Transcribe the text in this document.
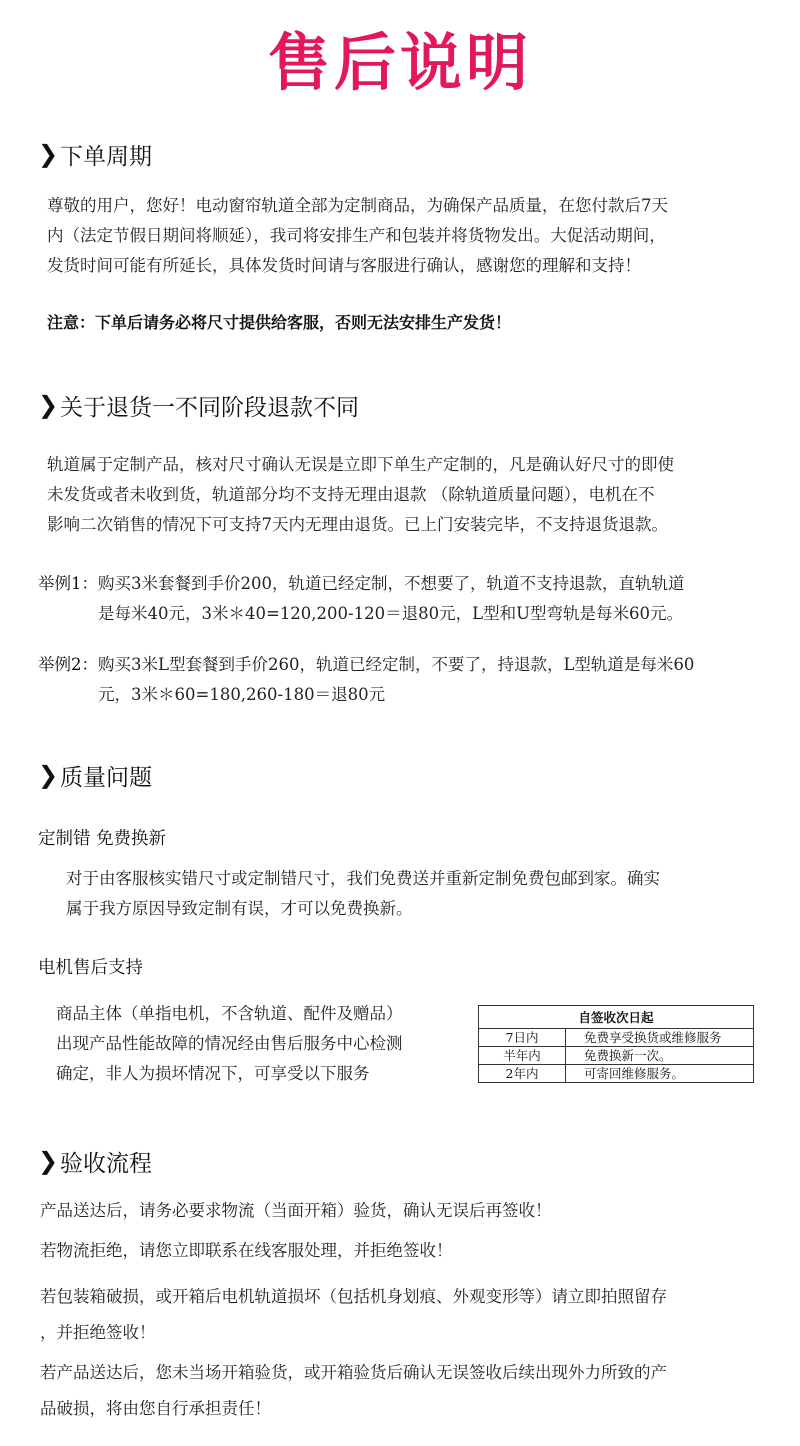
售后说明
❯ 下单周期
尊敬的用户，您好！电动窗帘轨道全部为定制商品，为确保产品质量，在您付款后7天
内（法定节假日期间将顺延），我司将安排生产和包装并将货物发出。大促活动期间，
发货时间可能有所延长，具体发货时间请与客服进行确认，感谢您的理解和支持！
注意：下单后请务必将尺寸提供给客服，否则无法安排生产发货！
❯ 关于退货一不同阶段退款不同
轨道属于定制产品，核对尺寸确认无误是立即下单生产定制的，凡是确认好尺寸的即使
未发货或者未收到货，轨道部分均不支持无理由退款 （除轨道质量问题），电机在不
影响二次销售的情况下可支持7天内无理由退货。已上门安装完毕，不支持退货退款。
举例1： 购买3米套餐到手价200，轨道已经定制，不想要了，轨道不支持退款，直轨轨道
是每米40元，3米＊40=120,200-120＝退80元，L型和U型弯轨是每米60元。
举例2： 购买3米L型套餐到手价260，轨道已经定制，不要了，持退款，L型轨道是每米60
元，3米＊60=180,260-180＝退80元
❯ 质量问题
定制错 免费换新
对于由客服核实错尺寸或定制错尺寸，我们免费送并重新定制免费包邮到家。确实
属于我方原因导致定制有误，才可以免费换新。
电机售后支持
商品主体（单指电机，不含轨道、配件及赠品）
出现产品性能故障的情况经由售后服务中心检测
确定，非人为损坏情况下，可享受以下服务
自签收次日起	
7日内	免费享受换货或维修服务
半年内	免费换新一次。
2年内	可寄回维修服务。
❯ 验收流程
产品送达后，请务必要求物流（当面开箱）验货，确认无误后再签收！
若物流拒绝，请您立即联系在线客服处理，并拒绝签收！
若包装箱破损，或开箱后电机轨道损坏（包括机身划痕、外观变形等）请立即拍照留存
，并拒绝签收！
若产品送达后，您未当场开箱验货，或开箱验货后确认无误签收后续出现外力所致的产
品破损，将由您自行承担责任！
